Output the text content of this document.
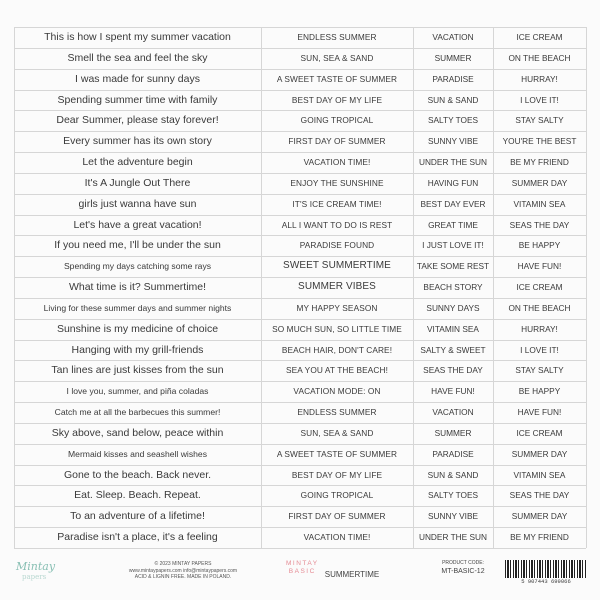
This is how I spent my summer vacation	ENDLESS SUMMER	VACATION	ICE CREAM
Smell the sea and feel the sky	SUN, SEA & SAND	SUMMER	ON THE BEACH
I was made for sunny days	A SWEET TASTE OF SUMMER	PARADISE	HURRAY!
Spending summer time with family	BEST DAY OF MY LIFE	SUN & SAND	I LOVE IT!
Dear Summer, please stay forever!	GOING TROPICAL	SALTY TOES	STAY SALTY
Every summer has its own story	FIRST DAY OF SUMMER	SUNNY VIBE	YOU'RE THE BEST
Let the adventure begin	VACATION TIME!	UNDER THE SUN	BE MY FRIEND
It's A Jungle Out There	ENJOY THE SUNSHINE	HAVING FUN	SUMMER DAY
girls just wanna have sun	IT'S ICE CREAM TIME!	BEST DAY EVER	VITAMIN SEA
Let's have a great vacation!	ALL I WANT TO DO IS REST	GREAT TIME	SEAS THE DAY
If you need me, I'll be under the sun	PARADISE FOUND	I JUST LOVE IT!	BE HAPPY
Spending my days catching some rays	SWEET SUMMERTIME	TAKE SOME REST	HAVE FUN!
What time is it? Summertime!	SUMMER VIBES	BEACH STORY	ICE CREAM
Living for these summer days and summer nights	MY HAPPY SEASON	SUNNY DAYS	ON THE BEACH
Sunshine is my medicine of choice	SO MUCH SUN, SO LITTLE TIME	VITAMIN SEA	HURRAY!
Hanging with my grill-friends	BEACH HAIR, DON'T CARE!	SALTY & SWEET	I LOVE IT!
Tan lines are just kisses from the sun	SEA YOU AT THE BEACH!	SEAS THE DAY	STAY SALTY
I love you, summer, and piña coladas	VACATION MODE: ON	HAVE FUN!	BE HAPPY
Catch me at all the barbecues this summer!	ENDLESS SUMMER	VACATION	HAVE FUN!
Sky above, sand below, peace within	SUN, SEA & SAND	SUMMER	ICE CREAM
Mermaid kisses and seashell wishes	A SWEET TASTE OF SUMMER	PARADISE	SUMMER DAY
Gone to the beach. Back never.	BEST DAY OF MY LIFE	SUN & SAND	VITAMIN SEA
Eat. Sleep. Beach. Repeat.	GOING TROPICAL	SALTY TOES	SEAS THE DAY
To an adventure of a lifetime!	FIRST DAY OF SUMMER	SUNNY VIBE	SUMMER DAY
Paradise isn't a place, it's a feeling	VACATION TIME!	UNDER THE SUN	BE MY FRIEND
Mintay
papers
© 2023 MINTAY PAPERS
www.mintaypapers.com info@mintaypapers.com
ACID & LIGNIN FREE. MADE IN POLAND.
MINTAY
BASIC	SUMMERTIME
PRODUCT CODE:
MT-BASIC-12
5 907443 699066
